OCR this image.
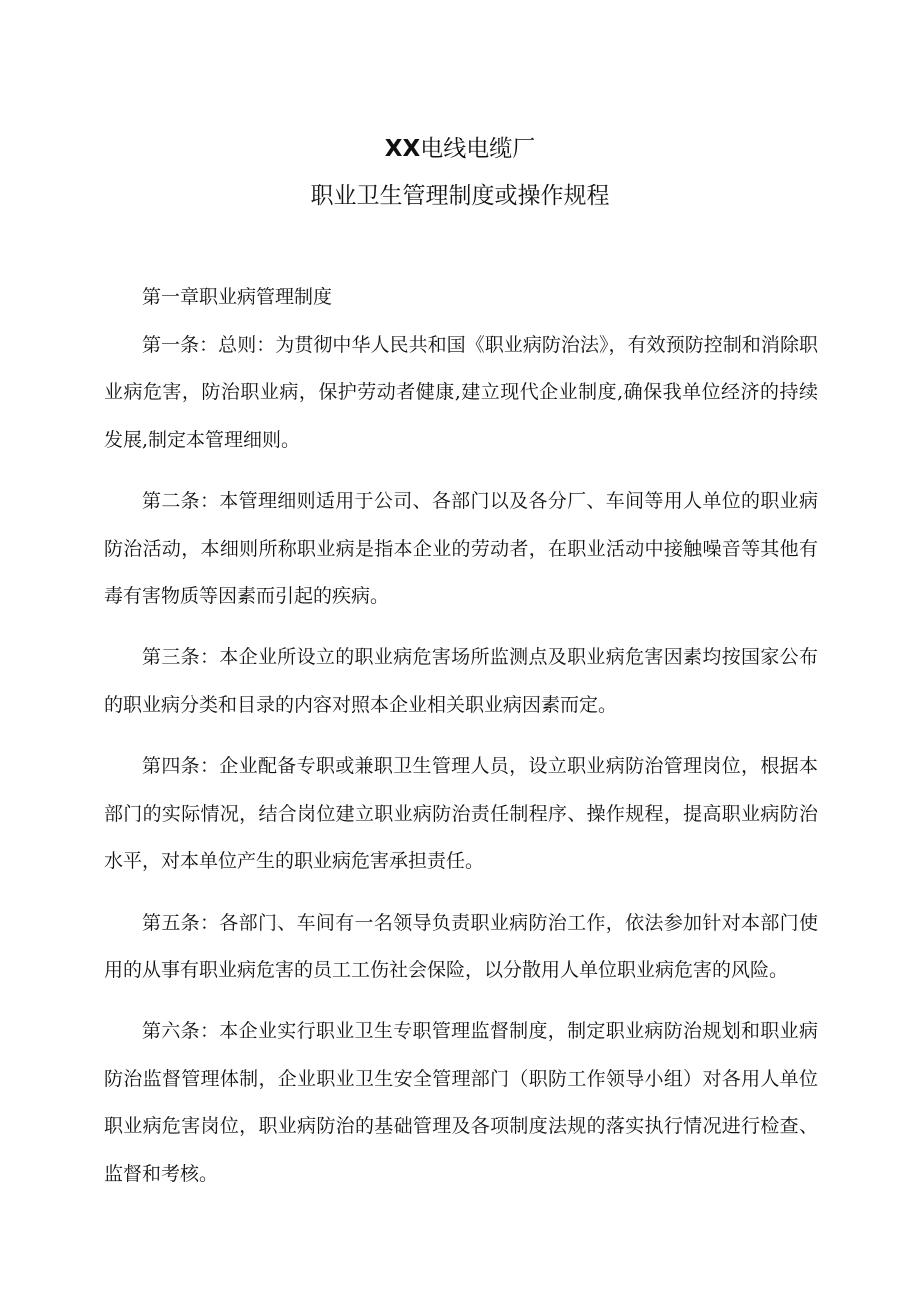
XX电线电缆厂
职业卫生管理制度或操作规程

第一章职业病管理制度

第一条：总则：为贯彻中华人民共和国《职业病防治法》，有效预防控制和消除职业病危害，防治职业病，保护劳动者健康,建立现代企业制度,确保我单位经济的持续发展,制定本管理细则。

第二条：本管理细则适用于公司、各部门以及各分厂、车间等用人单位的职业病防治活动，本细则所称职业病是指本企业的劳动者，在职业活动中接触噪音等其他有毒有害物质等因素而引起的疾病。

第三条：本企业所设立的职业病危害场所监测点及职业病危害因素均按国家公布的职业病分类和目录的内容对照本企业相关职业病因素而定。

第四条：企业配备专职或兼职卫生管理人员，设立职业病防治管理岗位，根据本部门的实际情况，结合岗位建立职业病防治责任制程序、操作规程，提高职业病防治水平，对本单位产生的职业病危害承担责任。

第五条：各部门、车间有一名领导负责职业病防治工作，依法参加针对本部门使用的从事有职业病危害的员工工伤社会保险，以分散用人单位职业病危害的风险。

第六条：本企业实行职业卫生专职管理监督制度，制定职业病防治规划和职业病防治监督管理体制，企业职业卫生安全管理部门（职防工作领导小组）对各用人单位职业病危害岗位，职业病防治的基础管理及各项制度法规的落实执行情况进行检查、监督和考核。
